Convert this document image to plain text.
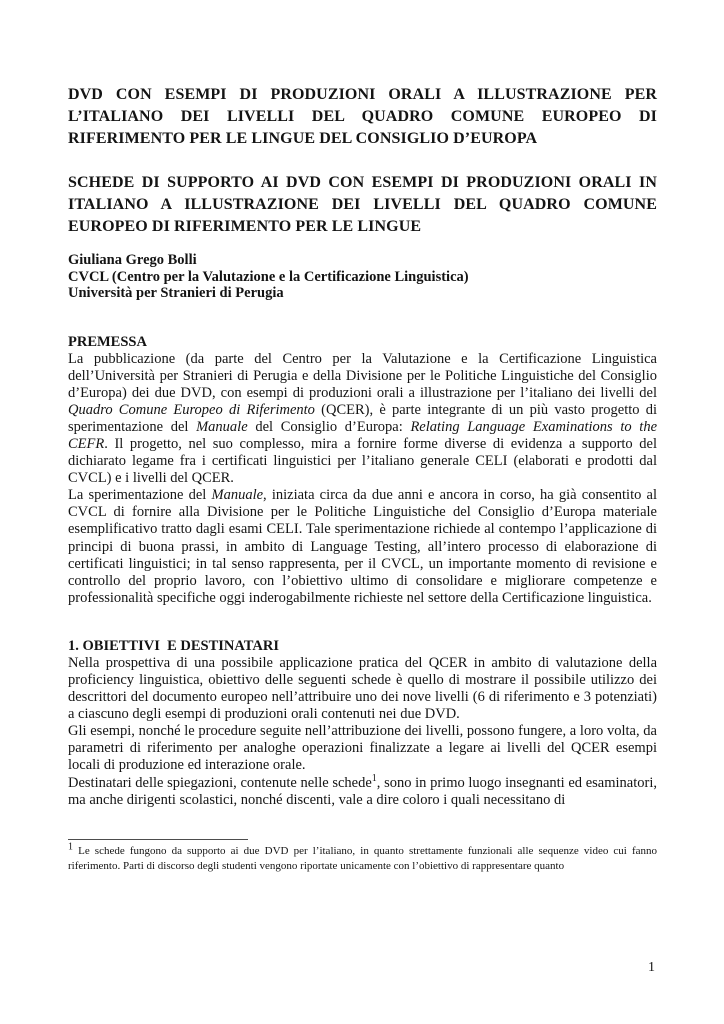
DVD CON ESEMPI DI PRODUZIONI ORALI A ILLUSTRAZIONE PER L’ITALIANO DEI LIVELLI DEL QUADRO COMUNE EUROPEO DI RIFERIMENTO PER LE LINGUE DEL CONSIGLIO D’EUROPA
SCHEDE DI SUPPORTO AI DVD CON ESEMPI DI PRODUZIONI ORALI IN ITALIANO A ILLUSTRAZIONE DEI LIVELLI DEL QUADRO COMUNE EUROPEO DI RIFERIMENTO PER LE LINGUE
Giuliana Grego Bolli
CVCL (Centro per la Valutazione e la Certificazione Linguistica)
Università per Stranieri di Perugia
PREMESSA

La pubblicazione (da parte del Centro per la Valutazione e la Certificazione Linguistica dell’Università per Stranieri di Perugia e della Divisione per le Politiche Linguistiche del Consiglio d’Europa) dei due DVD, con esempi di produzioni orali a illustrazione per l’italiano dei livelli del Quadro Comune Europeo di Riferimento (QCER), è parte integrante di un più vasto progetto di sperimentazione del Manuale del Consiglio d’Europa: Relating Language Examinations to the CEFR. Il progetto, nel suo complesso, mira a fornire forme diverse di evidenza a supporto del dichiarato legame fra i certificati linguistici per l’italiano generale CELI (elaborati e prodotti dal CVCL) e i livelli del QCER.

La sperimentazione del Manuale, iniziata circa da due anni e ancora in corso, ha già consentito al CVCL di fornire alla Divisione per le Politiche Linguistiche del Consiglio d’Europa materiale esemplificativo tratto dagli esami CELI. Tale sperimentazione richiede al contempo l’applicazione di principi di buona prassi, in ambito di Language Testing, all’intero processo di elaborazione di certificati linguistici; in tal senso rappresenta, per il CVCL, un importante momento di revisione e controllo del proprio lavoro, con l’obiettivo ultimo di consolidare e migliorare competenze e professionalità specifiche oggi inderogabilmente richieste nel settore della Certificazione linguistica.

1. OBIETTIVI  E DESTINATARI

Nella prospettiva di una possibile applicazione pratica del QCER in ambito di valutazione della proficiency linguistica, obiettivo delle seguenti schede è quello di mostrare il possibile utilizzo dei descrittori del documento europeo nell’attribuire uno dei nove livelli (6 di riferimento e 3 potenziati) a ciascuno degli esempi di produzioni orali contenuti nei due DVD.

Gli esempi, nonché le procedure seguite nell’attribuzione dei livelli, possono fungere, a loro volta, da parametri di riferimento per analoghe operazioni finalizzate a legare ai livelli del QCER esempi locali di produzione ed interazione orale.

Destinatari delle spiegazioni, contenute nelle schede$^1$, sono in primo luogo insegnanti ed esaminatori, ma anche dirigenti scolastici, nonché discenti, vale a dire coloro i quali necessitano di

$^1$ Le schede fungono da supporto ai due DVD per l’italiano, in quanto strettamente funzionali alle sequenze video cui fanno riferimento. Parti di discorso degli studenti vengono riportate unicamente con l’obiettivo di rappresentare quanto
1
